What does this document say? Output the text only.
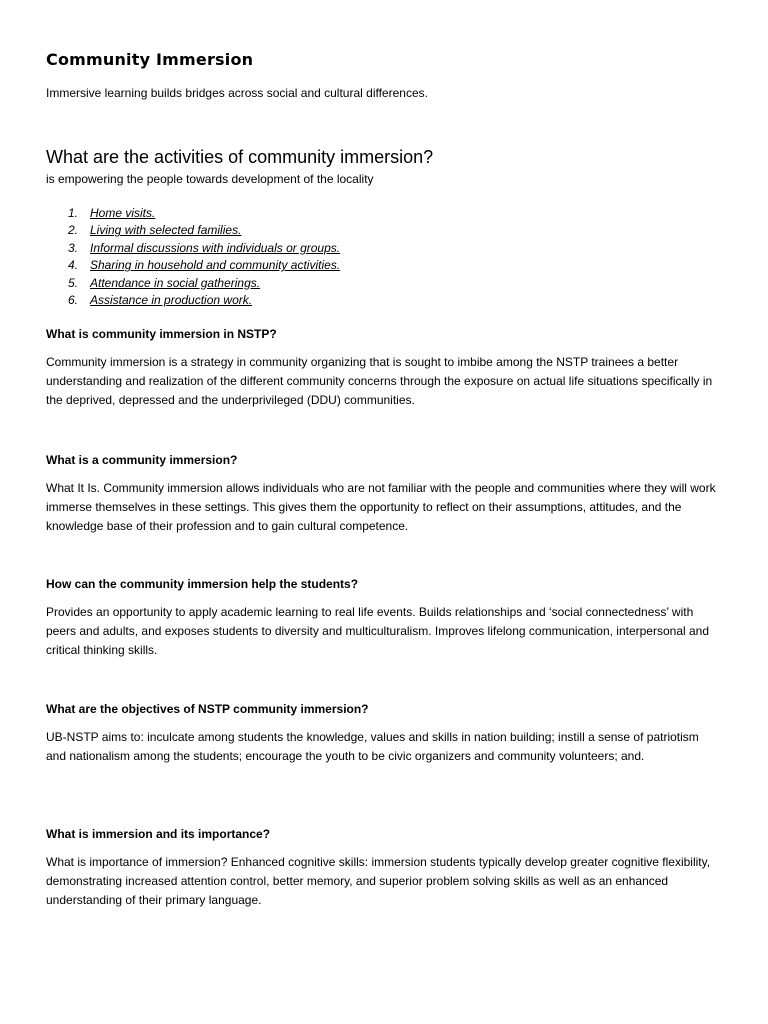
Community Immersion

Immersive learning builds bridges across social and cultural differences.

What are the activities of community immersion?

is empowering the people towards development of the locality

1. Home visits.
2. Living with selected families.
3. Informal discussions with individuals or groups.
4. Sharing in household and community activities.
5. Attendance in social gatherings.
6. Assistance in production work.

What is community immersion in NSTP?

Community immersion is a strategy in community organizing that is sought to imbibe among the NSTP trainees a better understanding and realization of the different community concerns through the exposure on actual life situations specifically in the deprived, depressed and the underprivileged (DDU) communities.

What is a community immersion?

What It Is. Community immersion allows individuals who are not familiar with the people and communities where they will work immerse themselves in these settings. This gives them the opportunity to reflect on their assumptions, attitudes, and the knowledge base of their profession and to gain cultural competence.

How can the community immersion help the students?

Provides an opportunity to apply academic learning to real life events. Builds relationships and ‘social connectedness’ with peers and adults, and exposes students to diversity and multiculturalism. Improves lifelong communication, interpersonal and critical thinking skills.

What are the objectives of NSTP community immersion?

UB-NSTP aims to: inculcate among students the knowledge, values and skills in nation building; instill a sense of patriotism and nationalism among the students; encourage the youth to be civic organizers and community volunteers; and.

What is immersion and its importance?

What is importance of immersion? Enhanced cognitive skills: immersion students typically develop greater cognitive flexibility, demonstrating increased attention control, better memory, and superior problem solving skills as well as an enhanced understanding of their primary language.
